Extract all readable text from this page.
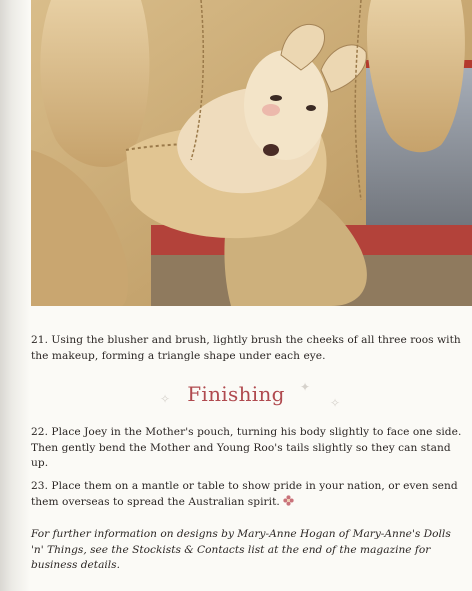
21. Using the blusher and brush, lightly brush the cheeks of all three roos with the makeup, forming a triangle shape under each eye.

Finishing
✧
✦
✧

22. Place Joey in the Mother's pouch, turning his body slightly to face one side. Then gently bend the Mother and Young Roo's tails slightly so they can stand up.

23. Place them on a mantle or table to show pride in your nation, or even send them overseas to spread the Australian spirit.

For further information on designs by Mary-Anne Hogan of Mary-Anne's Dolls 'n' Things, see the Stockists & Contacts list at the end of the magazine for business details.
